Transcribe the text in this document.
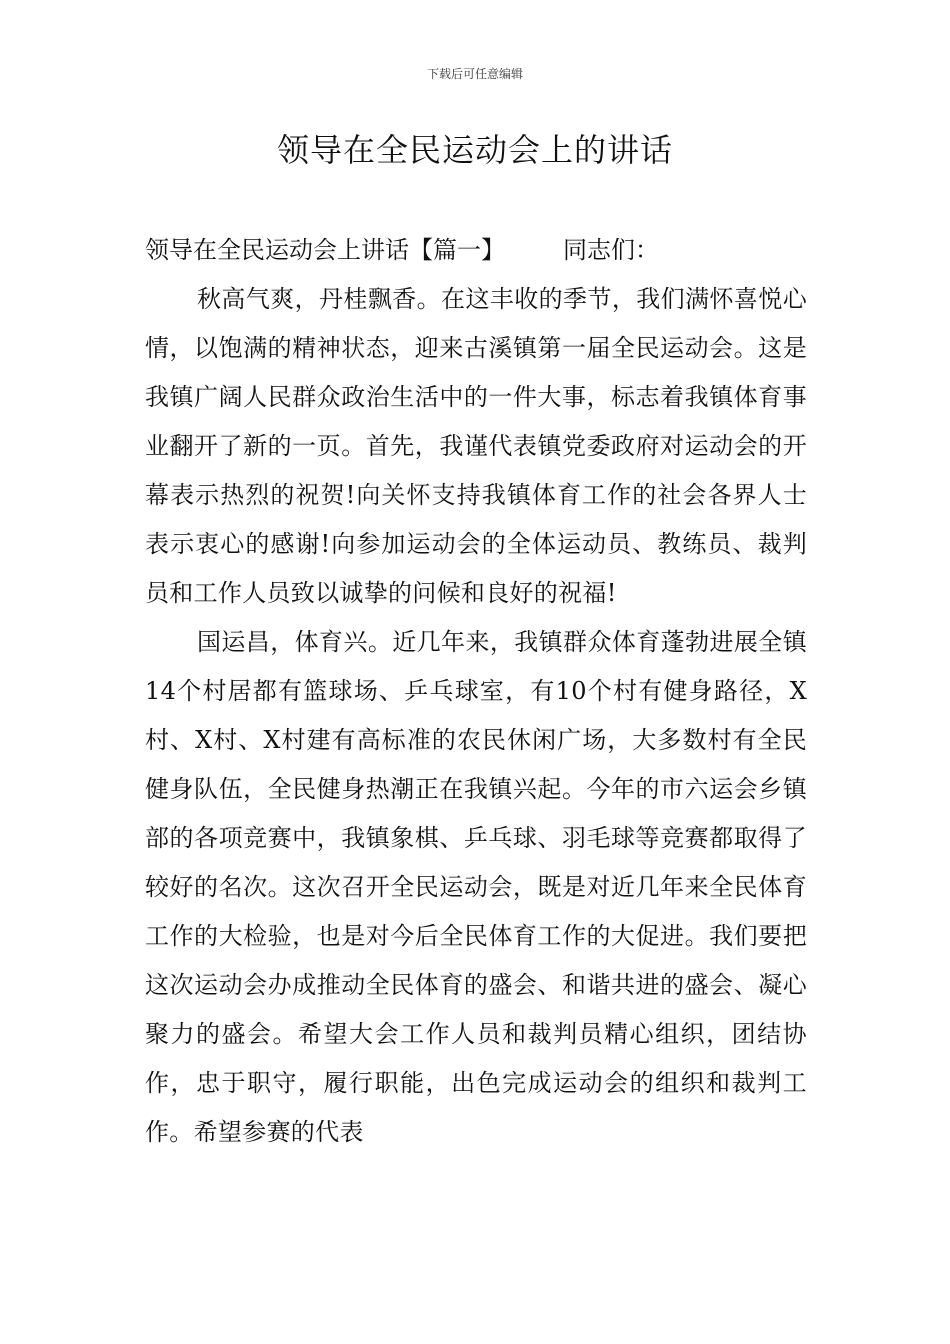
下载后可任意编辑
领导在全民运动会上的讲话

领导在全民运动会上讲话【篇一】 同志们：

秋高气爽，丹桂飘香。在这丰收的季节，我们满怀喜悦心情，以饱满的精神状态，迎来古溪镇第一届全民运动会。这是我镇广阔人民群众政治生活中的一件大事，标志着我镇体育事业翻开了新的一页。首先，我谨代表镇党委政府对运动会的开幕表示热烈的祝贺!向关怀支持我镇体育工作的社会各界人士表示衷心的感谢!向参加运动会的全体运动员、教练员、裁判员和工作人员致以诚挚的问候和良好的祝福!

国运昌，体育兴。近几年来，我镇群众体育蓬勃进展全镇14个村居都有篮球场、乒乓球室，有10个村有健身路径，X村、X村、X村建有高标准的农民休闲广场，大多数村有全民健身队伍，全民健身热潮正在我镇兴起。今年的市六运会乡镇部的各项竞赛中，我镇象棋、乒乓球、羽毛球等竞赛都取得了较好的名次。这次召开全民运动会，既是对近几年来全民体育工作的大检验，也是对今后全民体育工作的大促进。我们要把这次运动会办成推动全民体育的盛会、和谐共进的盛会、凝心聚力的盛会。希望大会工作人员和裁判员精心组织，团结协作，忠于职守，履行职能，出色完成运动会的组织和裁判工作。希望参赛的代表
